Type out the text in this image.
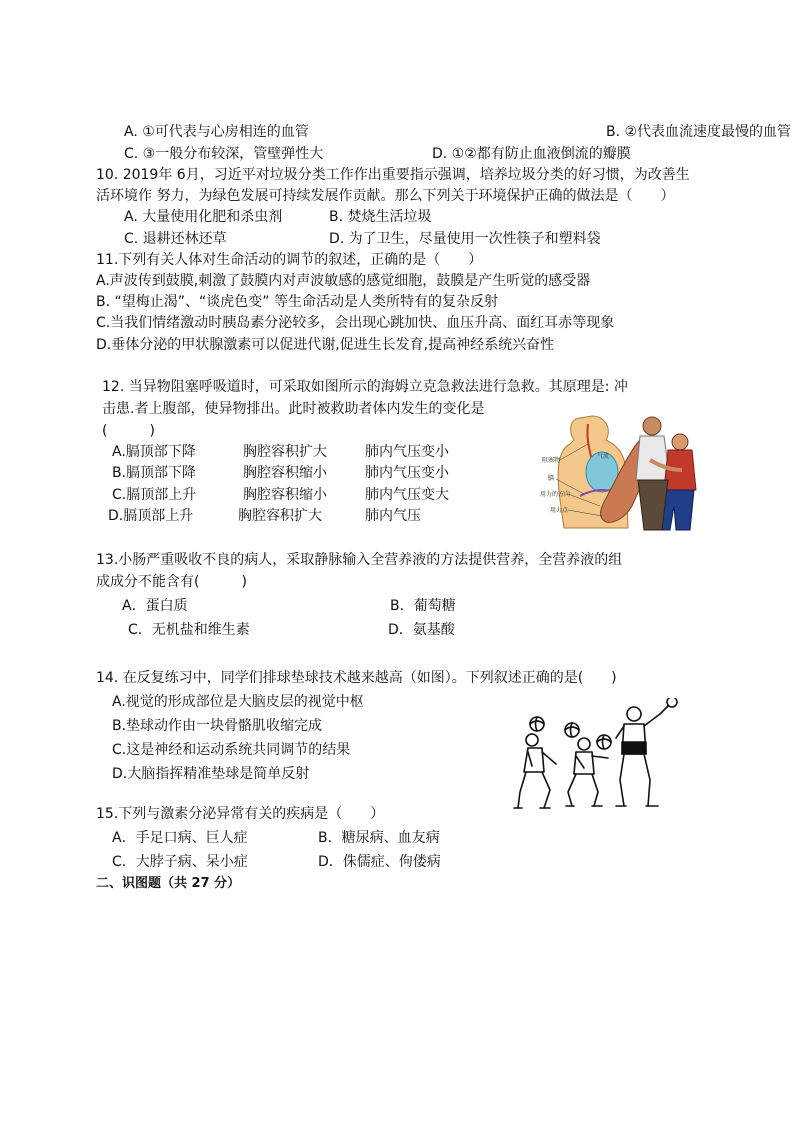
A. ①可代表与心房相连的血管	B. ②代表血流速度最慢的血管
C. ③一般分布较深，管壁弹性大	D. ①②都有防止血液倒流的瓣膜
10. 2019年 6月，习近平对垃圾分类工作作出重要指示强调，培养垃圾分类的好习惯，为改善生
活环境作 努力，为绿色发展可持续发展作贡献。那么下列关于环境保护正确的做法是（　　）
A. 大量使用化肥和杀虫剂	B. 焚烧生活垃圾
C. 退耕还林还草	D. 为了卫生，尽量使用一次性筷子和塑料袋
11.下列有关人体对生命活动的调节的叙述，正确的是（　　）
A.声波传到鼓膜,刺激了鼓膜内对声波敏感的感觉细胞，鼓膜是产生听觉的感受器
B. “望梅止渴”、“谈虎色变” 等生命活动是人类所特有的复杂反射
C.当我们情绪激动时胰岛素分泌较多，会出现心跳加快、血压升高、面红耳赤等现象
D.垂体分泌的甲状腺激素可以促进代谢,促进生长发育,提高神经系统兴奋性
12. 当异物阻塞呼吸道时，可采取如图所示的海姆立克急救法进行急救。其原理是: 冲
击患.者上腹部，使异物排出。此时被救助者体内发生的变化是
(　　　)
A.膈顶部下降	胸腔容积扩大	肺内气压变小
B.膈顶部下降	胸腔容积缩小	肺内气压变小
C.膈顶部上升	胸腔容积缩小	肺内气压变大
D.膈顶部上升	胸腔容积扩大	肺内气压
气流
阻塞物
膈
用力的方向
用力点
13.小肠严重吸收不良的病人，采取静脉输入全营养液的方法提供营养，全营养液的组
成成分不能含有(　　　)
A．蛋白质	B．葡萄糖
C．无机盐和维生素	D．氨基酸
14. 在反复练习中，同学们排球垫球技术越来越高（如图）。下列叙述正确的是(　　)
A.视觉的形成部位是大脑皮层的视觉中枢
B.垫球动作由一块骨骼肌收缩完成
C.这是神经和运动系统共同调节的结果
D.大脑指挥精准垫球是简单反射
15.下列与激素分泌异常有关的疾病是（　　）
A．手足口病、巨人症	B．糖尿病、血友病
C．大脖子病、呆小症	D．侏儒症、佝偻病
二、识图题（共 27 分）
